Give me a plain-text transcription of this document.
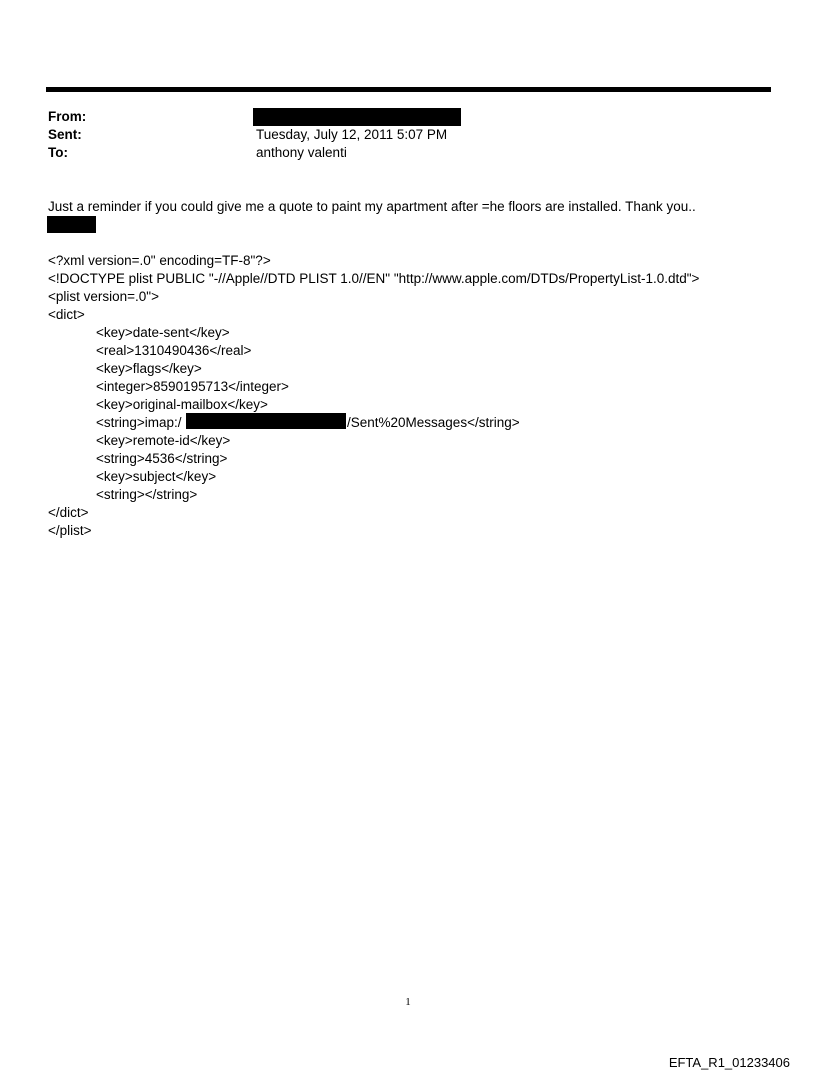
From:
Sent:	Tuesday, July 12, 2011 5:07 PM
To:	anthony valenti
Just a reminder if you could give me a quote to paint my apartment after =he floors are installed. Thank you..
<?xml version=.0" encoding=TF-8"?>
<!DOCTYPE plist PUBLIC "-//Apple//DTD PLIST 1.0//EN" "http://www.apple.com/DTDs/PropertyList-1.0.dtd">
<plist version=.0">
<dict>
<key>date-sent</key>
<real>1310490436</real>
<key>flags</key>
<integer>8590195713</integer>
<key>original-mailbox</key>
<string>imap:/	/Sent%20Messages</string>
<key>remote-id</key>
<string>4536</string>
<key>subject</key>
<string></string>
</dict>
</plist>
1
EFTA_R1_01233406
